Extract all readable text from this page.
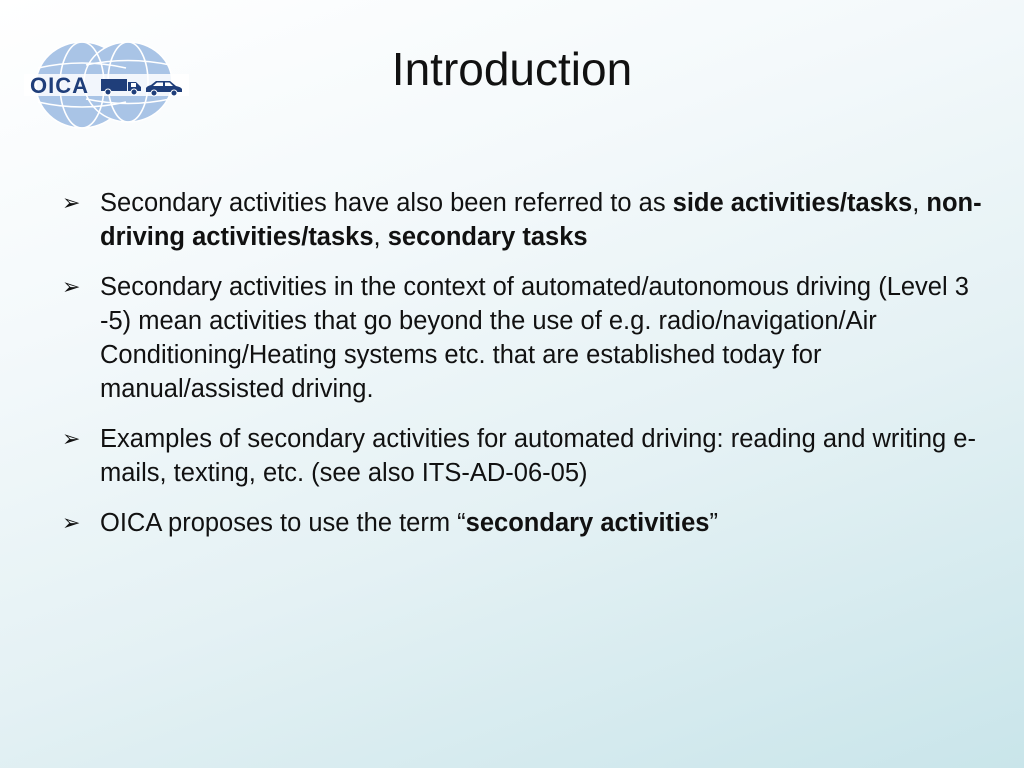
OICA	Introduction
➢ Secondary activities have also been referred to as side activities/tasks, non-driving activities/tasks, secondary tasks
➢ Secondary activities in the context of automated/autonomous driving (Level 3 -5) mean activities that go beyond the use of e.g. radio/navigation/Air Conditioning/Heating systems etc. that are established today for manual/assisted driving.
➢ Examples of secondary activities for automated driving: reading and writing e-mails, texting, etc. (see also ITS-AD-06-05)
➢ OICA proposes to use the term “secondary activities”
